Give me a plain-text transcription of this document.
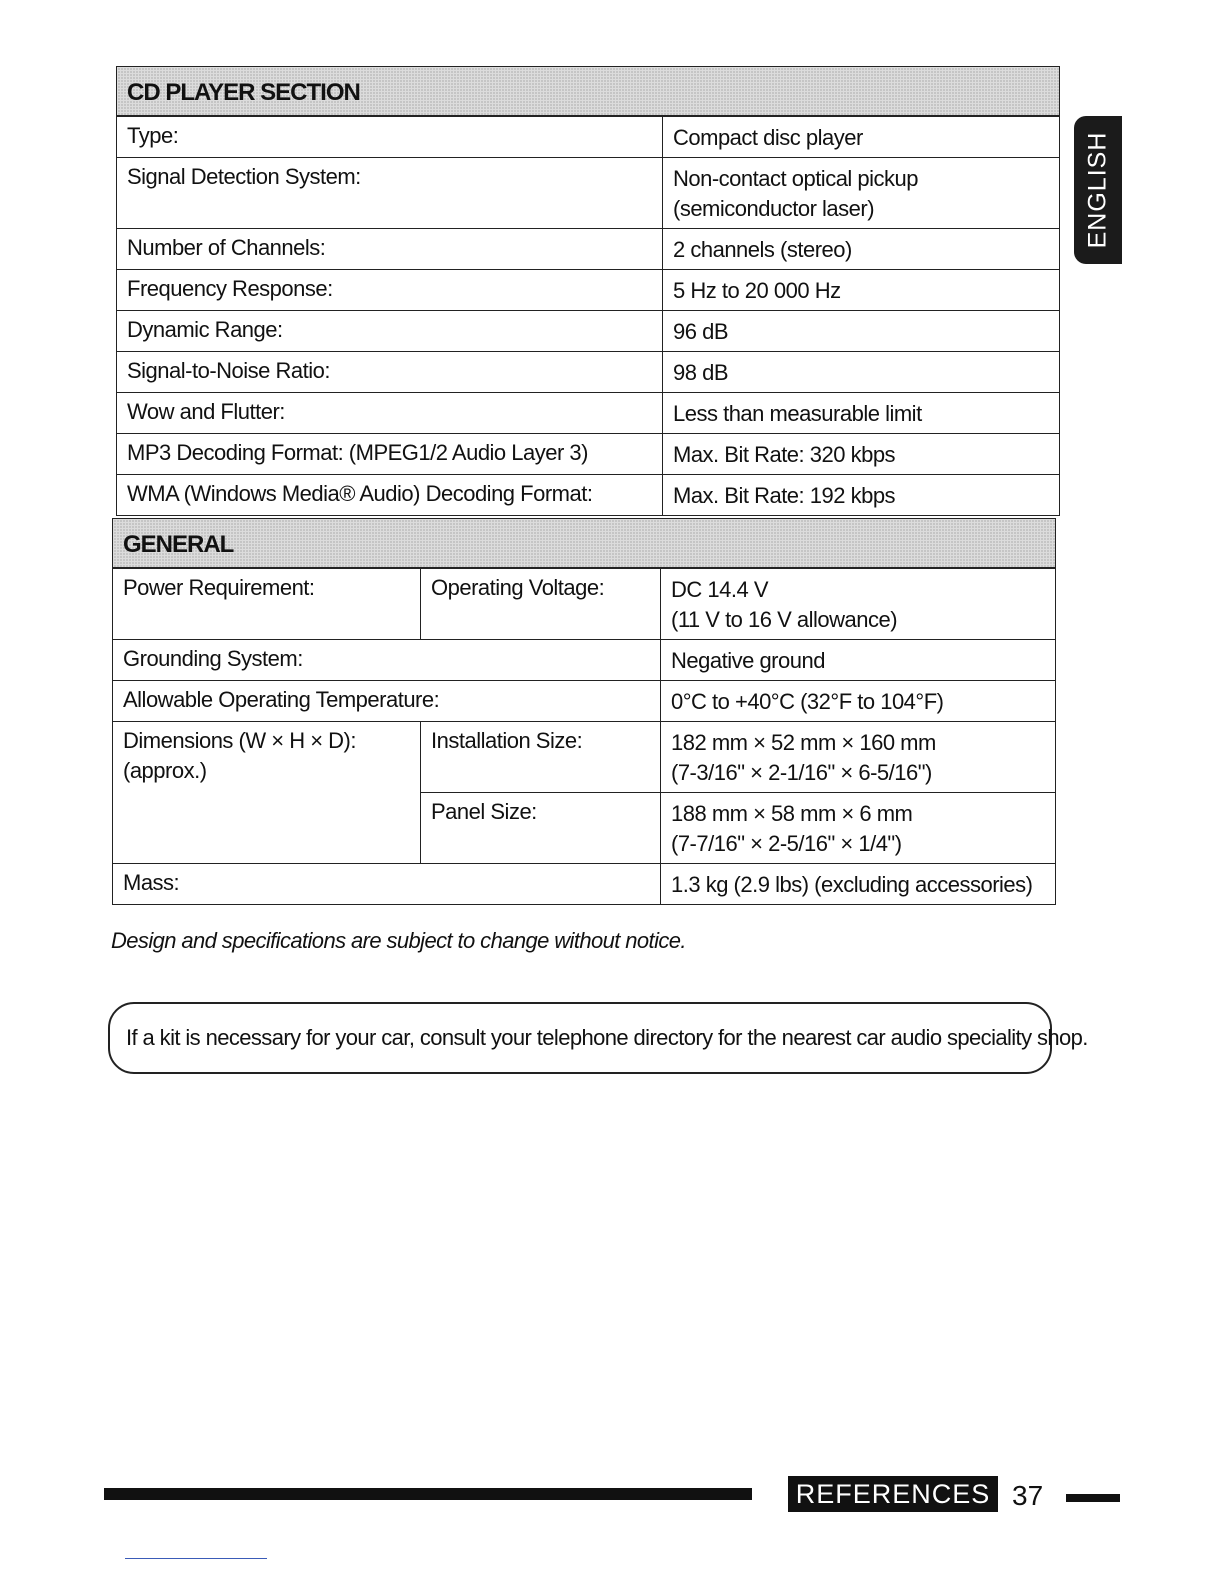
CD PLAYER SECTION	
Type:	Compact disc player
Signal Detection System:	Non-contact optical pickup
(semiconductor laser)

Number of Channels:	2 channels (stereo)
Frequency Response:	5 Hz to 20 000 Hz
Dynamic Range:	96 dB
Signal-to-Noise Ratio:	98 dB
Wow and Flutter:	Less than measurable limit
MP3 Decoding Format: (MPEG1/2 Audio Layer 3)	Max. Bit Rate: 320 kbps
WMA (Windows Media® Audio) Decoding Format:	Max. Bit Rate: 192 kbps
GENERAL		
Power Requirement:	Operating Voltage:	DC 14.4 V
(11 V to 16 V allowance)

Grounding System:		Negative ground
Allowable Operating Temperature:		0°C to +40°C (32°F to 104°F)
Dimensions (W × H × D): (approx.)	Installation Size:	182 mm × 52 mm × 160 mm
(7-3/16" × 2-1/16" × 6-5/16")

	Panel Size:	188 mm × 58 mm × 6 mm
(7-7/16" × 2-5/16" × 1/4")

Mass:		1.3 kg (2.9 lbs) (excluding accessories)
ENGLISH
Design and specifications are subject to change without notice.
If a kit is necessary for your car, consult your telephone directory for the nearest car audio speciality shop.
REFERENCES 37
